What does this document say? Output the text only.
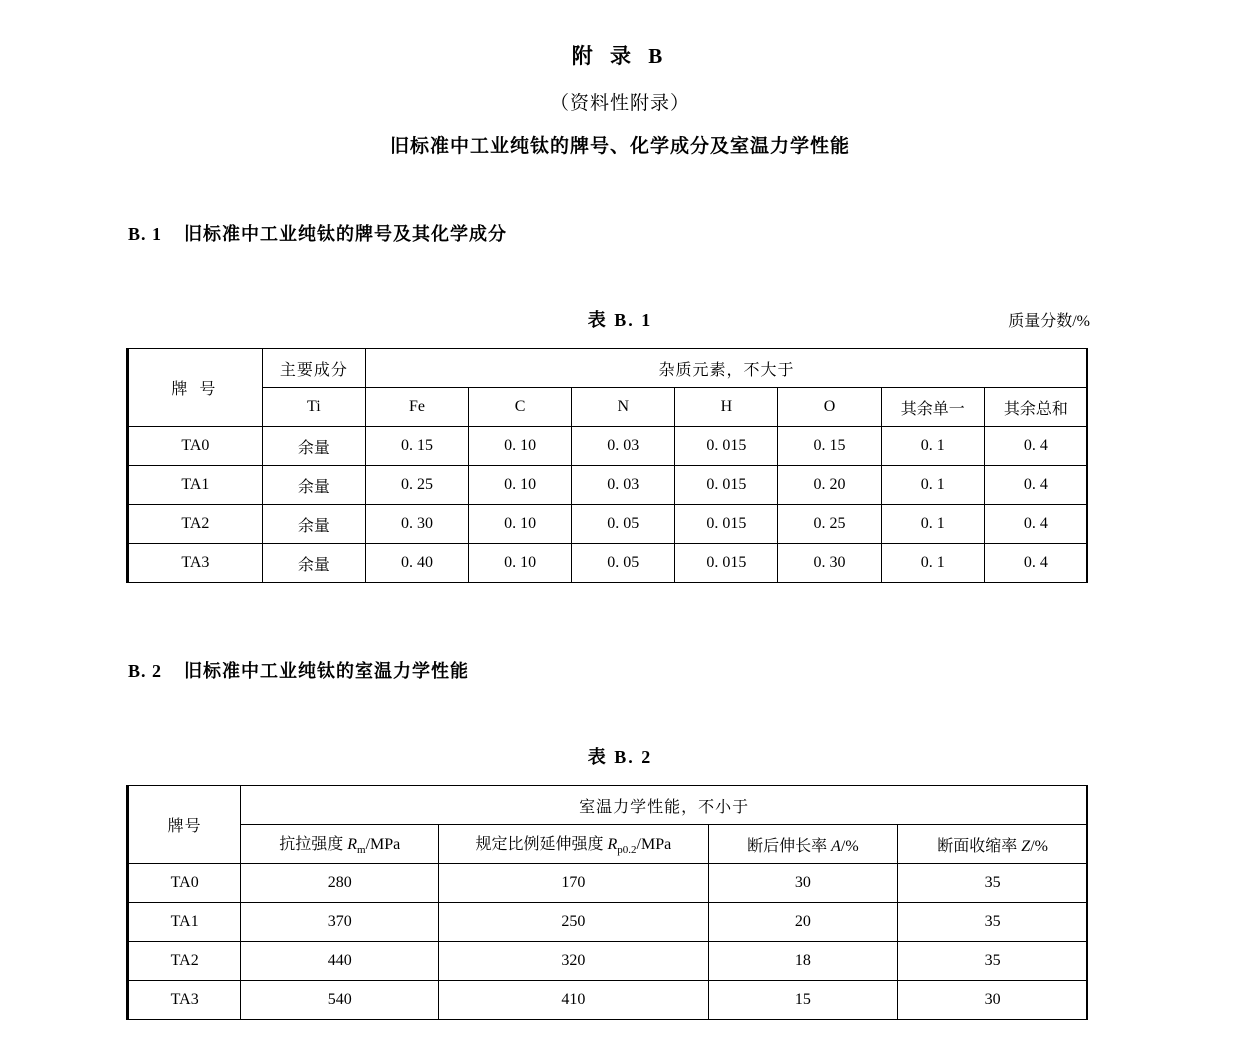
附 录 B
（资料性附录）
旧标准中工业纯钛的牌号、化学成分及室温力学性能
B. 1 旧标准中工业纯钛的牌号及其化学成分
表 B. 1	质量分数/%
牌 号	主要成分	杂质元素，不大于						
	Ti	Fe	C	N	H	O	其余单一	其余总和
TA0	余量	0. 15	0. 10	0. 03	0. 015	0. 15	0. 1	0. 4
TA1	余量	0. 25	0. 10	0. 03	0. 015	0. 20	0. 1	0. 4
TA2	余量	0. 30	0. 10	0. 05	0. 015	0. 25	0. 1	0. 4
TA3	余量	0. 40	0. 10	0. 05	0. 015	0. 30	0. 1	0. 4
B. 2 旧标准中工业纯钛的室温力学性能
表 B. 2
牌号	室温力学性能，不小于			
	抗拉强度 $R_m$/MPa	规定比例延伸强度 $R_{p0.2}$/MPa	断后伸长率 A/%	断面收缩率 Z/%
TA0	280	170	30	35
TA1	370	250	20	35
TA2	440	320	18	35
TA3	540	410	15	30
